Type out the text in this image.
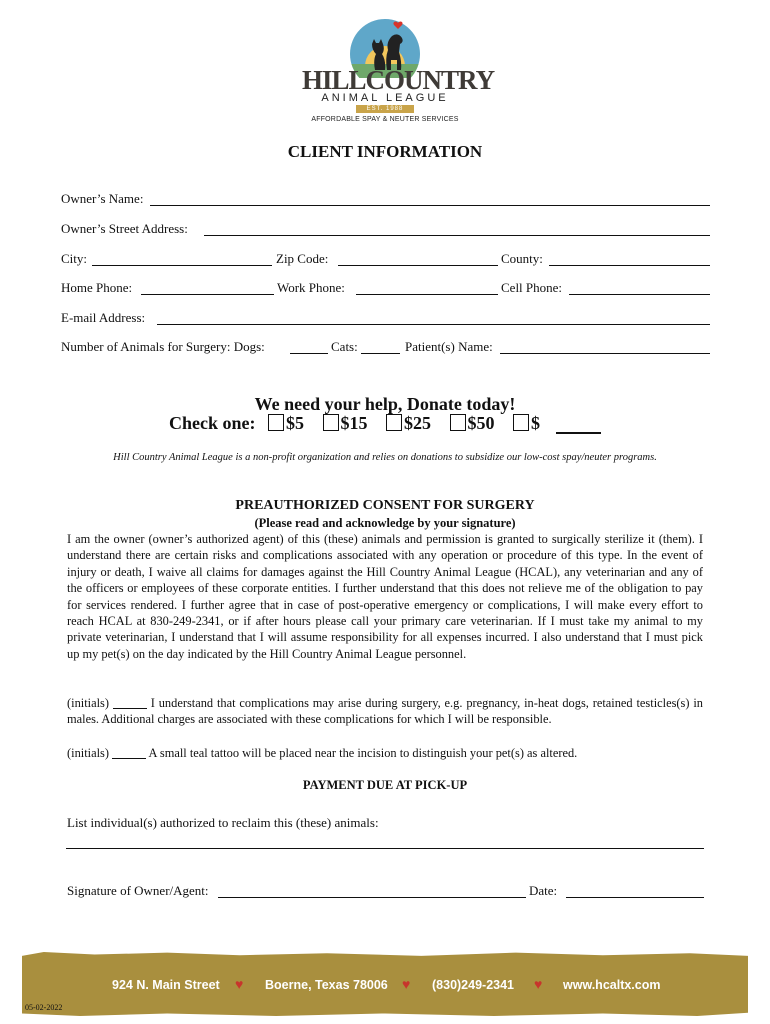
HILLCOUNTRY
ANIMAL LEAGUE
EST. 1988
AFFORDABLE SPAY & NEUTER SERVICES
CLIENT INFORMATION
Owner’s Name:
Owner’s Street Address:
City:	Zip Code:	County:
Home Phone:	Work Phone:	Cell Phone:
E-mail Address:
Number of Animals for Surgery: Dogs:	Cats:	Patient(s) Name:
We need your help, Donate today!
Check one: $5 $15 $25 $50 $
Hill Country Animal League is a non-profit organization and relies on donations to subsidize our low-cost spay/neuter programs.
PREAUTHORIZED CONSENT FOR SURGERY
(Please read and acknowledge by your signature)
I am the owner (owner’s authorized agent) of this (these) animals and permission is granted to surgically sterilize it (them). I understand there are certain risks and complications associated with any operation or procedure of this type. In the event of injury or death, I waive all claims for damages against the Hill Country Animal League (HCAL), any veterinarian and any of the officers or employees of these corporate entities. I further understand that this does not relieve me of the obligation to pay for services rendered. I further agree that in case of post-operative emergency or complications, I will make every effort to reach HCAL at 830-249-2341, or if after hours please call your primary care veterinarian. If I must take my animal to my private veterinarian, I understand that I will assume responsibility for all expenses incurred. I also understand that I must pick up my pet(s) on the day indicated by the Hill Country Animal League personnel.
(initials)	I understand that complications may arise during surgery, e.g. pregnancy, in-heat dogs, retained testicles(s) in males. Additional charges are associated with these complications for which I will be responsible.
(initials)	A small teal tattoo will be placed near the incision to distinguish your pet(s) as altered.
PAYMENT DUE AT PICK-UP
List individual(s) authorized to reclaim this (these) animals:
Signature of Owner/Agent:	Date:
924 N. Main Street ♥ Boerne, Texas 78006 ♥ (830)249-2341 ♥ www.hcaltx.com
05-02-2022
